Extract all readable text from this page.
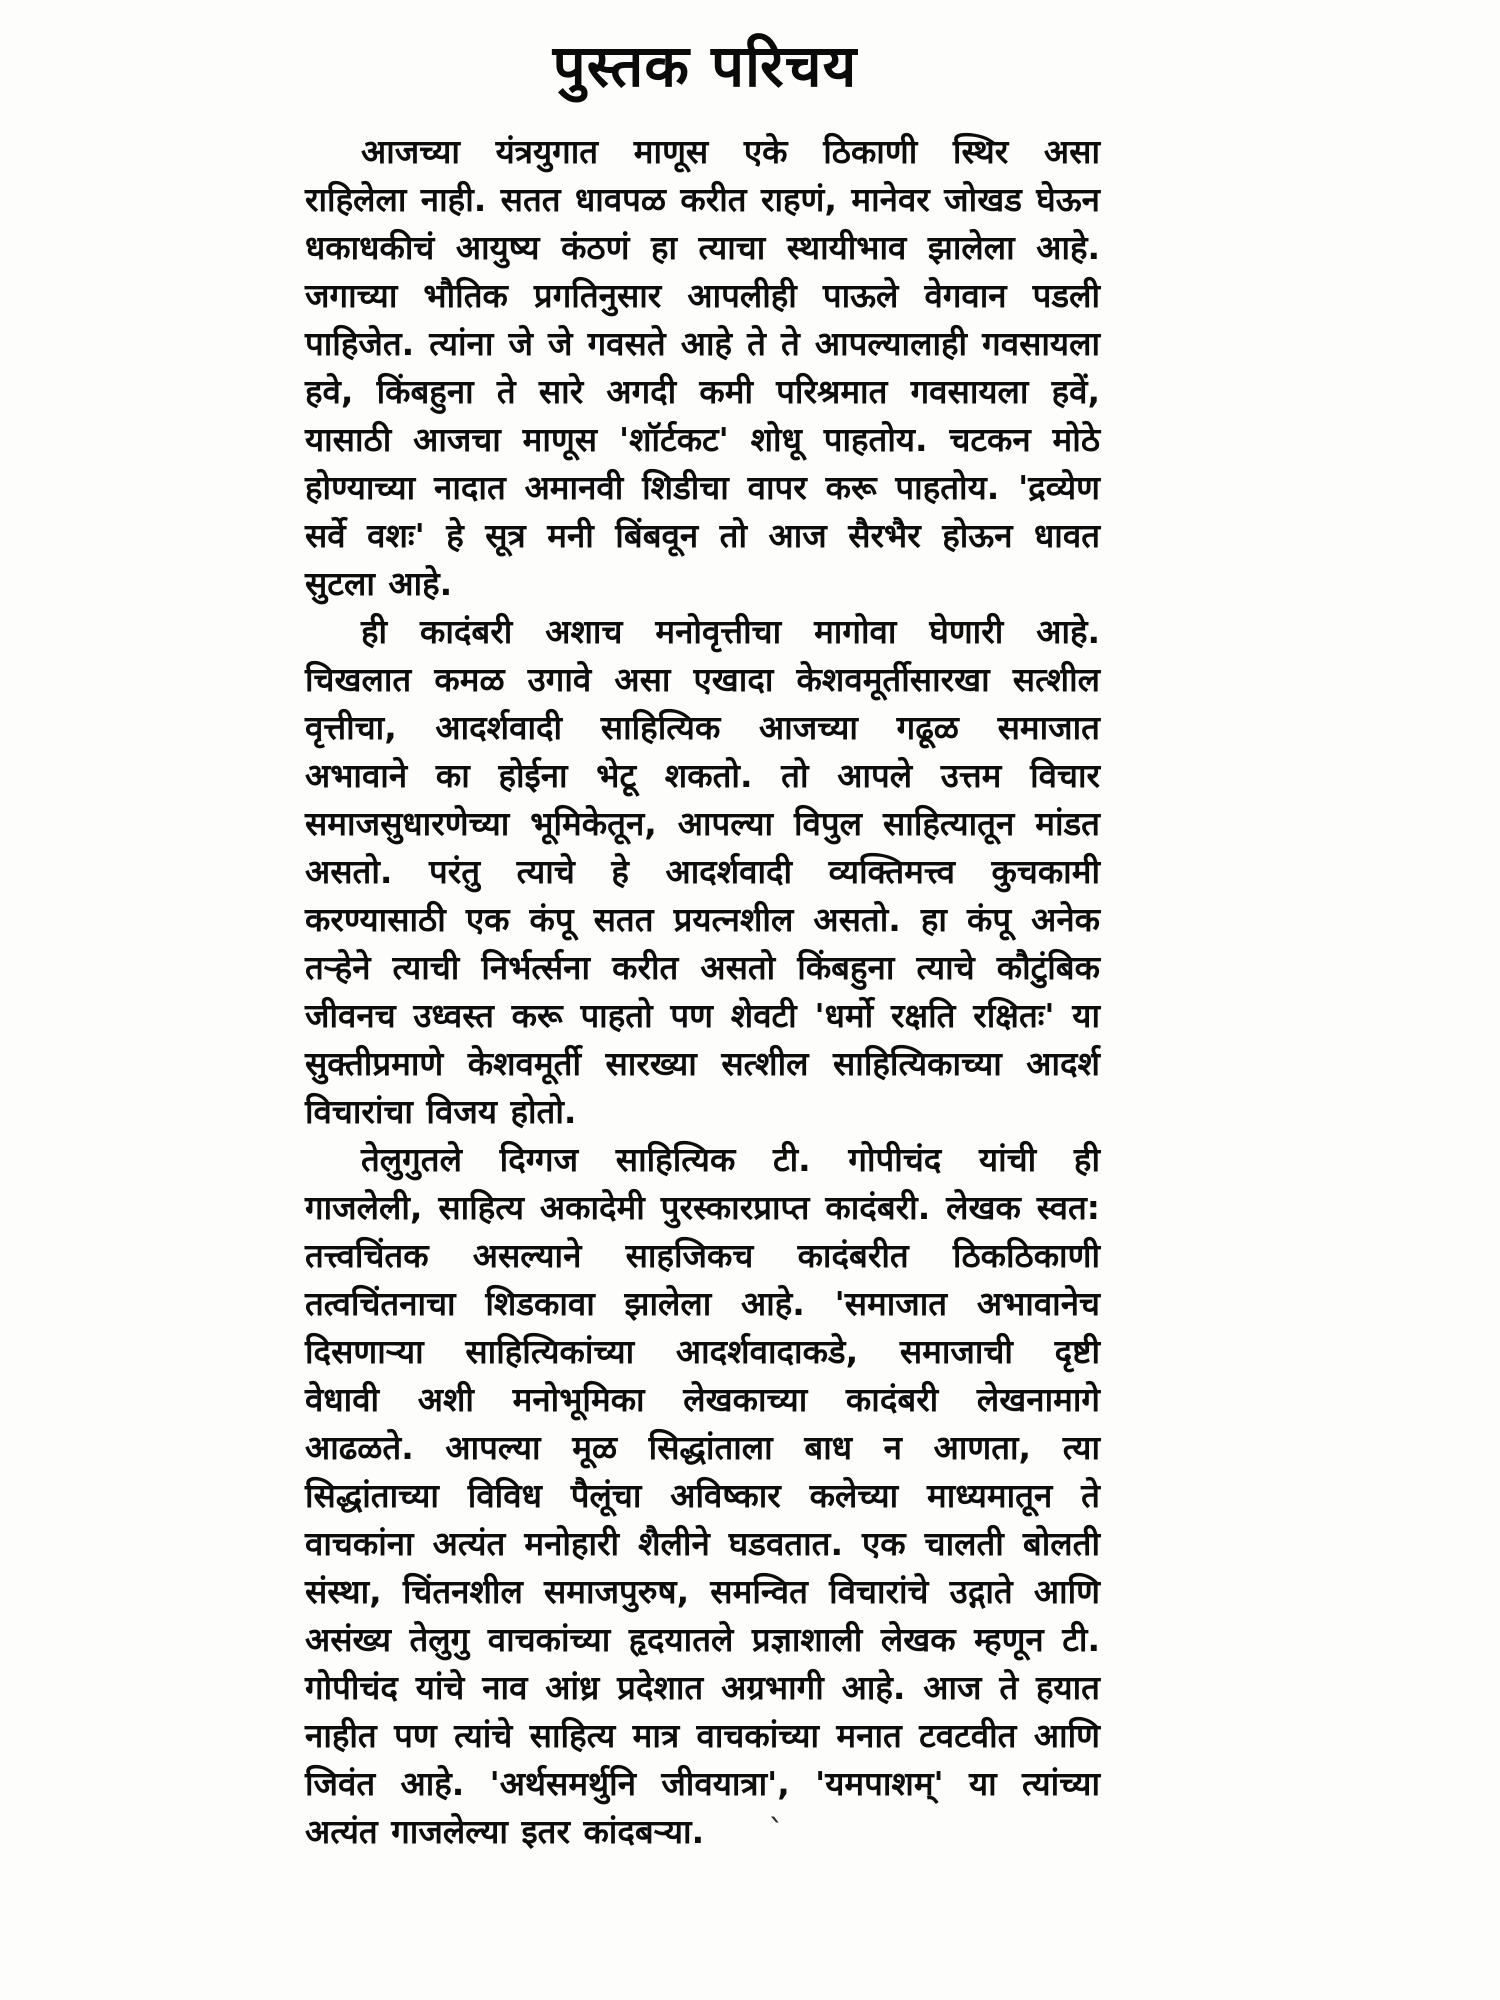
पुस्तक परिचय
आजच्या यंत्रयुगात माणूस एके ठिकाणी स्थिर असा
राहिलेला नाही. सतत धावपळ करीत राहणं, मानेवर जोखड घेऊन
धकाधकीचं आयुष्य कंठणं हा त्याचा स्थायीभाव झालेला आहे.
जगाच्या भौतिक प्रगतिनुसार आपलीही पाऊले वेगवान पडली
पाहिजेत. त्यांना जे जे गवसते आहे ते ते आपल्यालाही गवसायला
हवे, किंबहुना ते सारे अगदी कमी परिश्रमात गवसायला हवें,
यासाठी आजचा माणूस 'शॉर्टकट' शोधू पाहतोय. चटकन मोठे
होण्याच्या नादात अमानवी शिडीचा वापर करू पाहतोय. 'द्रव्येण
सर्वे वशः' हे सूत्र मनी बिंबवून तो आज सैरभैर होऊन धावत
सुटला आहे.
ही कादंबरी अशाच मनोवृत्तीचा मागोवा घेणारी आहे.
चिखलात कमळ उगावे असा एखादा केशवमूर्तीसारखा सत्शील
वृत्तीचा, आदर्शवादी साहित्यिक आजच्या गढूळ समाजात
अभावाने का होईना भेटू शकतो. तो आपले उत्तम विचार
समाजसुधारणेच्या भूमिकेतून, आपल्या विपुल साहित्यातून मांडत
असतो. परंतु त्याचे हे आदर्शवादी व्यक्तिमत्त्व कुचकामी
करण्यासाठी एक कंपू सतत प्रयत्नशील असतो. हा कंपू अनेक
तऱ्हेने त्याची निर्भर्त्सना करीत असतो किंबहुना त्याचे कौटुंबिक
जीवनच उध्वस्त करू पाहतो पण शेवटी 'धर्मो रक्षति रक्षितः' या
सुक्तीप्रमाणे केशवमूर्ती सारख्या सत्शील साहित्यिकाच्या आदर्श
विचारांचा विजय होतो.
तेलुगुतले दिग्गज साहित्यिक टी. गोपीचंद यांची ही
गाजलेली, साहित्य अकादेमी पुरस्कारप्राप्त कादंबरी. लेखक स्वत:
तत्त्वचिंतक असल्याने साहजिकच कादंबरीत ठिकठिकाणी
तत्वचिंतनाचा शिडकावा झालेला आहे. 'समाजात अभावानेच
दिसणाऱ्या साहित्यिकांच्या आदर्शवादाकडे, समाजाची दृष्टी
वेधावी अशी मनोभूमिका लेखकाच्या कादंबरी लेखनामागे
आढळते. आपल्या मूळ सिद्धांताला बाध न आणता, त्या
सिद्धांताच्या विविध पैलूंचा अविष्कार कलेच्या माध्यमातून ते
वाचकांना अत्यंत मनोहारी शैलीने घडवतात. एक चालती बोलती
संस्था, चिंतनशील समाजपुरुष, समन्वित विचारांचे उद्गाते आणि
असंख्य तेलुगु वाचकांच्या हृदयातले प्रज्ञाशाली लेखक म्हणून टी.
गोपीचंद यांचे नाव आंध्र प्रदेशात अग्रभागी आहे. आज ते हयात
नाहीत पण त्यांचे साहित्य मात्र वाचकांच्या मनात टवटवीत आणि
जिवंत आहे. 'अर्थसमर्थुनि जीवयात्रा', 'यमपाशम्' या त्यांच्या
अत्यंत गाजलेल्या इतर कांदबऱ्या. `
